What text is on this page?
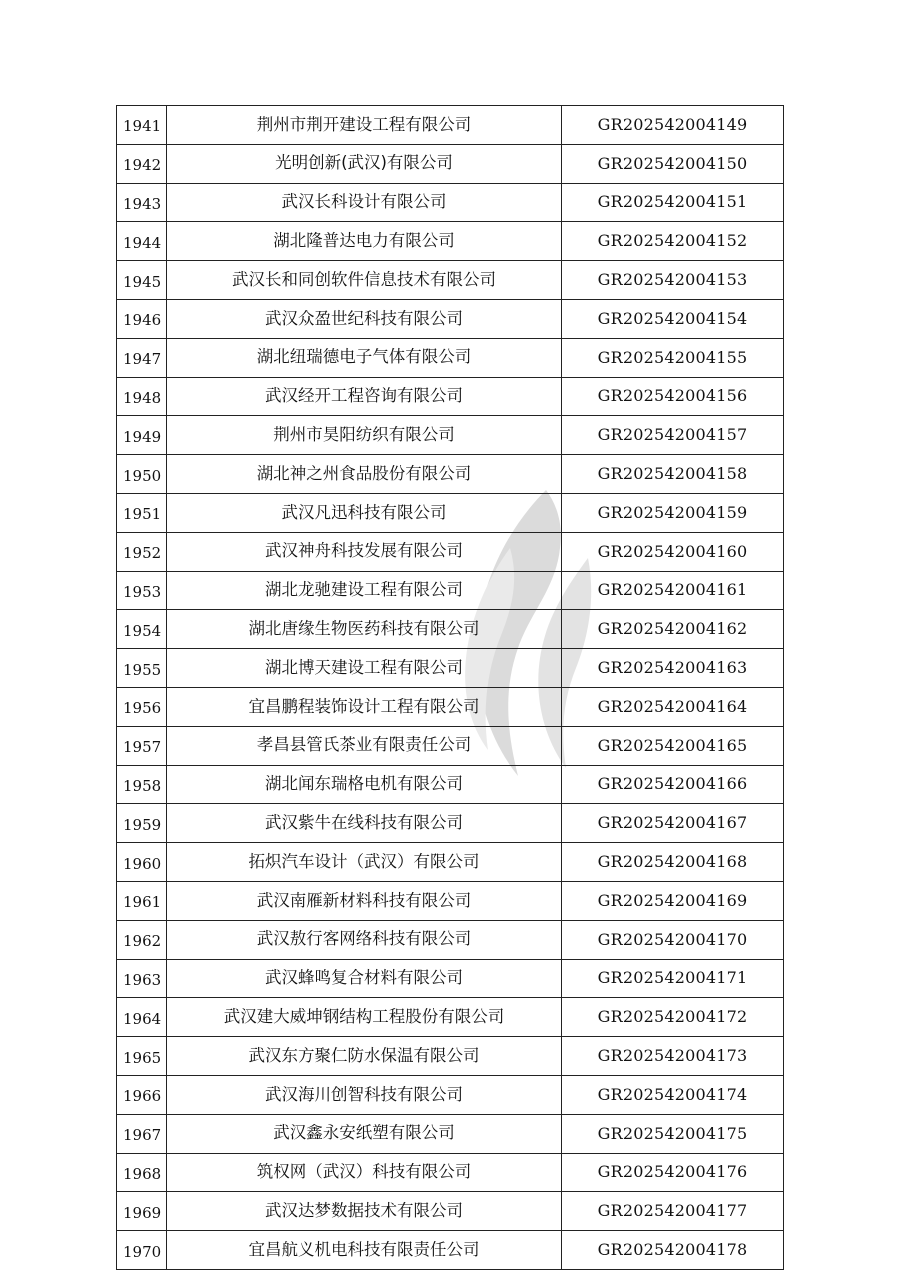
1941	荆州市荆开建设工程有限公司	GR202542004149
1942	光明创新(武汉)有限公司	GR202542004150
1943	武汉长科设计有限公司	GR202542004151
1944	湖北隆普达电力有限公司	GR202542004152
1945	武汉长和同创软件信息技术有限公司	GR202542004153
1946	武汉众盈世纪科技有限公司	GR202542004154
1947	湖北纽瑞德电子气体有限公司	GR202542004155
1948	武汉经开工程咨询有限公司	GR202542004156
1949	荆州市昊阳纺织有限公司	GR202542004157
1950	湖北神之州食品股份有限公司	GR202542004158
1951	武汉凡迅科技有限公司	GR202542004159
1952	武汉神舟科技发展有限公司	GR202542004160
1953	湖北龙驰建设工程有限公司	GR202542004161
1954	湖北唐缘生物医药科技有限公司	GR202542004162
1955	湖北博天建设工程有限公司	GR202542004163
1956	宜昌鹏程装饰设计工程有限公司	GR202542004164
1957	孝昌县管氏茶业有限责任公司	GR202542004165
1958	湖北闻东瑞格电机有限公司	GR202542004166
1959	武汉紫牛在线科技有限公司	GR202542004167
1960	拓炽汽车设计（武汉）有限公司	GR202542004168
1961	武汉南雁新材料科技有限公司	GR202542004169
1962	武汉敖行客网络科技有限公司	GR202542004170
1963	武汉蜂鸣复合材料有限公司	GR202542004171
1964	武汉建大威坤钢结构工程股份有限公司	GR202542004172
1965	武汉东方聚仁防水保温有限公司	GR202542004173
1966	武汉海川创智科技有限公司	GR202542004174
1967	武汉鑫永安纸塑有限公司	GR202542004175
1968	筑权网（武汉）科技有限公司	GR202542004176
1969	武汉达梦数据技术有限公司	GR202542004177
1970	宜昌航义机电科技有限责任公司	GR202542004178
